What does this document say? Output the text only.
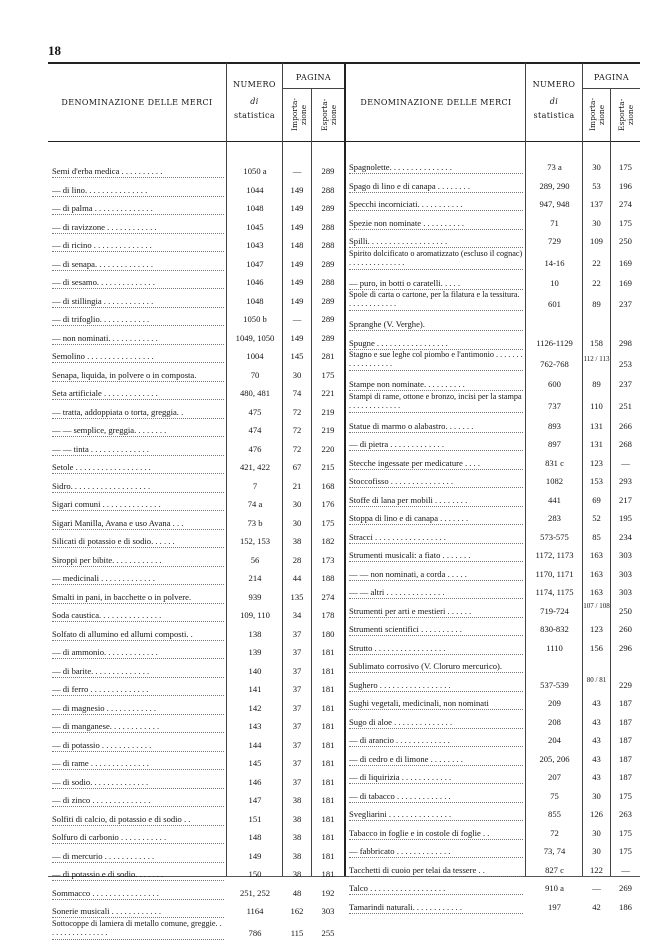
18
DENOMINAZIONE DELLE MERCI
NUMERO
di
statistica
PAGINA
Importa-zione Esporta-zione
DENOMINAZIONE DELLE MERCI
NUMERO
di
statistica
PAGINA
Importa-zione Esporta-zione
Semi d'erba medica . . . . . . . . . .	1050 a	—	289
— di lino. . . . . . . . . . . . . . .	1044	149	288
— di palma . . . . . . . . . . . . . .	1048	149	289
— di ravizzone . . . . . . . . . . . .	1045	149	288
— di ricino . . . . . . . . . . . . . .	1043	148	288
— di senapa. . . . . . . . . . . . . .	1047	149	289
— di sesamo. . . . . . . . . . . . . .	1046	149	288
— di stillingia . . . . . . . . . . . .	1048	149	289
— di trifoglio. . . . . . . . . . . .	1050 b	—	289
— non nominati. . . . . . . . . . . .	1049, 1050	149	289
Semolino . . . . . . . . . . . . . . . .	1004	145	281
Senapa, liquida, in polvere o in composta.	70	30	175
Seta artificiale . . . . . . . . . . . . .	480, 481	74	221
— tratta, addoppiata o torta, greggia. .	475	72	219
— — semplice, greggia. . . . . . . .	474	72	219
— — tinta . . . . . . . . . . . . . .	476	72	220
Setole . . . . . . . . . . . . . . . . . .	421, 422	67	215
Sidro. . . . . . . . . . . . . . . . . . .	7	21	168
Sigari comuni . . . . . . . . . . . . . .	74 a	30	176
Sigari Manilla, Avana e uso Avana . . .	73 b	30	175
Silicati di potassio e di sodio. . . . . .	152, 153	38	182
Siroppi per bibite. . . . . . . . . . . .	56	28	173
— medicinali . . . . . . . . . . . . .	214	44	188
Smalti in pani, in bacchette o in polvere.	939	135	274
Soda caustica. . . . . . . . . . . . . . .	109, 110	34	178
Solfato di allumino ed allumi composti. .	138	37	180
— di ammonio. . . . . . . . . . . . .	139	37	181
— di barite. . . . . . . . . . . . . .	140	37	181
— di ferro . . . . . . . . . . . . . .	141	37	181
— di magnesio . . . . . . . . . . . .	142	37	181
— di manganese. . . . . . . . . . . .	143	37	181
— di potassio . . . . . . . . . . . .	144	37	181
— di rame . . . . . . . . . . . . . .	145	37	181
— di sodio. . . . . . . . . . . . . .	146	37	181
— di zinco . . . . . . . . . . . . . .	147	38	181
Solfiti di calcio, di potassio e di sodio . .	151	38	181
Solfuro di carbonio . . . . . . . . . . .	148	38	181
— di mercurio . . . . . . . . . . . .	149	38	181
— di potassio e di sodio. . . . . . .	150	38	181
Sommacco . . . . . . . . . . . . . . . .	251, 252	48	192
Sonerie musicali . . . . . . . . . . . .	1164	162	303
Sottocoppe di lamiera di metallo comune, greggie. . . . . . . . . . . . . . . .	786	115	255
Spagnolette. . . . . . . . . . . . . . .	73 a	30	175
Spago di lino e di canapa . . . . . . . .	289, 290	53	196
Specchi incorniciati. . . . . . . . . . .	947, 948	137	274
Spezie non nominate . . . . . . . . . .	71	30	175
Spilli. . . . . . . . . . . . . . . . . . .	729	109	250
Spirito dolcificato o aromatizzato (escluso il cognac) . . . . . . . . . . . . . .	14-16	22	169
— puro, in botti o caratelli. . . . .	10	22	169
Spole di carta o cartone, per la filatura e la tessitura. . . . . . . . . . . . .	601	89	237
Spranghe (V. Verghe).
Spugne . . . . . . . . . . . . . . . . .	1126-1129	158	298
Stagno e sue leghe col piombo e l'antimonio . . . . . . . . . . . . . . . . . .	762-768	112 / 113	253
Stampe non nominate. . . . . . . . . .	600	89	237
Stampi di rame, ottone e bronzo, incisi per la stampa . . . . . . . . . . . . .	737	110	251
Statue di marmo o alabastro. . . . . . .	893	131	266
— di pietra . . . . . . . . . . . . .	897	131	268
Stecche ingessate per medicature . . . .	831 c	123	—
Stoccofisso . . . . . . . . . . . . . . .	1082	153	293
Stoffe di lana per mobili . . . . . . . .	441	69	217
Stoppa di lino e di canapa . . . . . . .	283	52	195
Stracci . . . . . . . . . . . . . . . . .	573-575	85	234
Strumenti musicali: a fiato . . . . . . .	1172, 1173	163	303
— — non nominati, a corda . . . . .	1170, 1171	163	303
— — altri . . . . . . . . . . . . . .	1174, 1175	163	303
Strumenti per arti e mestieri . . . . . .	719-724	107 / 108	250
Strumenti scientifici . . . . . . . . . .	830-832	123	260
Strutto . . . . . . . . . . . . . . . . .	1110	156	296
Sublimato corrosivo (V. Cloruro mercurico).
Sughero . . . . . . . . . . . . . . . . .	537-539	80 / 81	229
Sughi vegetali, medicinali, non nominati	209	43	187
Sugo di aloe . . . . . . . . . . . . . .	208	43	187
— di arancio . . . . . . . . . . . . .	204	43	187
— di cedro e di limone . . . . . . . .	205, 206	43	187
— di liquirizia . . . . . . . . . . . .	207	43	187
— di tabacco . . . . . . . . . . . . .	75	30	175
Svegliarini . . . . . . . . . . . . . . .	855	126	263
Tabacco in foglie e in costole di foglie . .	72	30	175
— fabbricato . . . . . . . . . . . . .	73, 74	30	175
Tacchetti di cuoio per telai da tessere . .	827 c	122	—
Talco . . . . . . . . . . . . . . . . . .	910 a	—	269
Tamarindi naturali. . . . . . . . . . . .	197	42	186
